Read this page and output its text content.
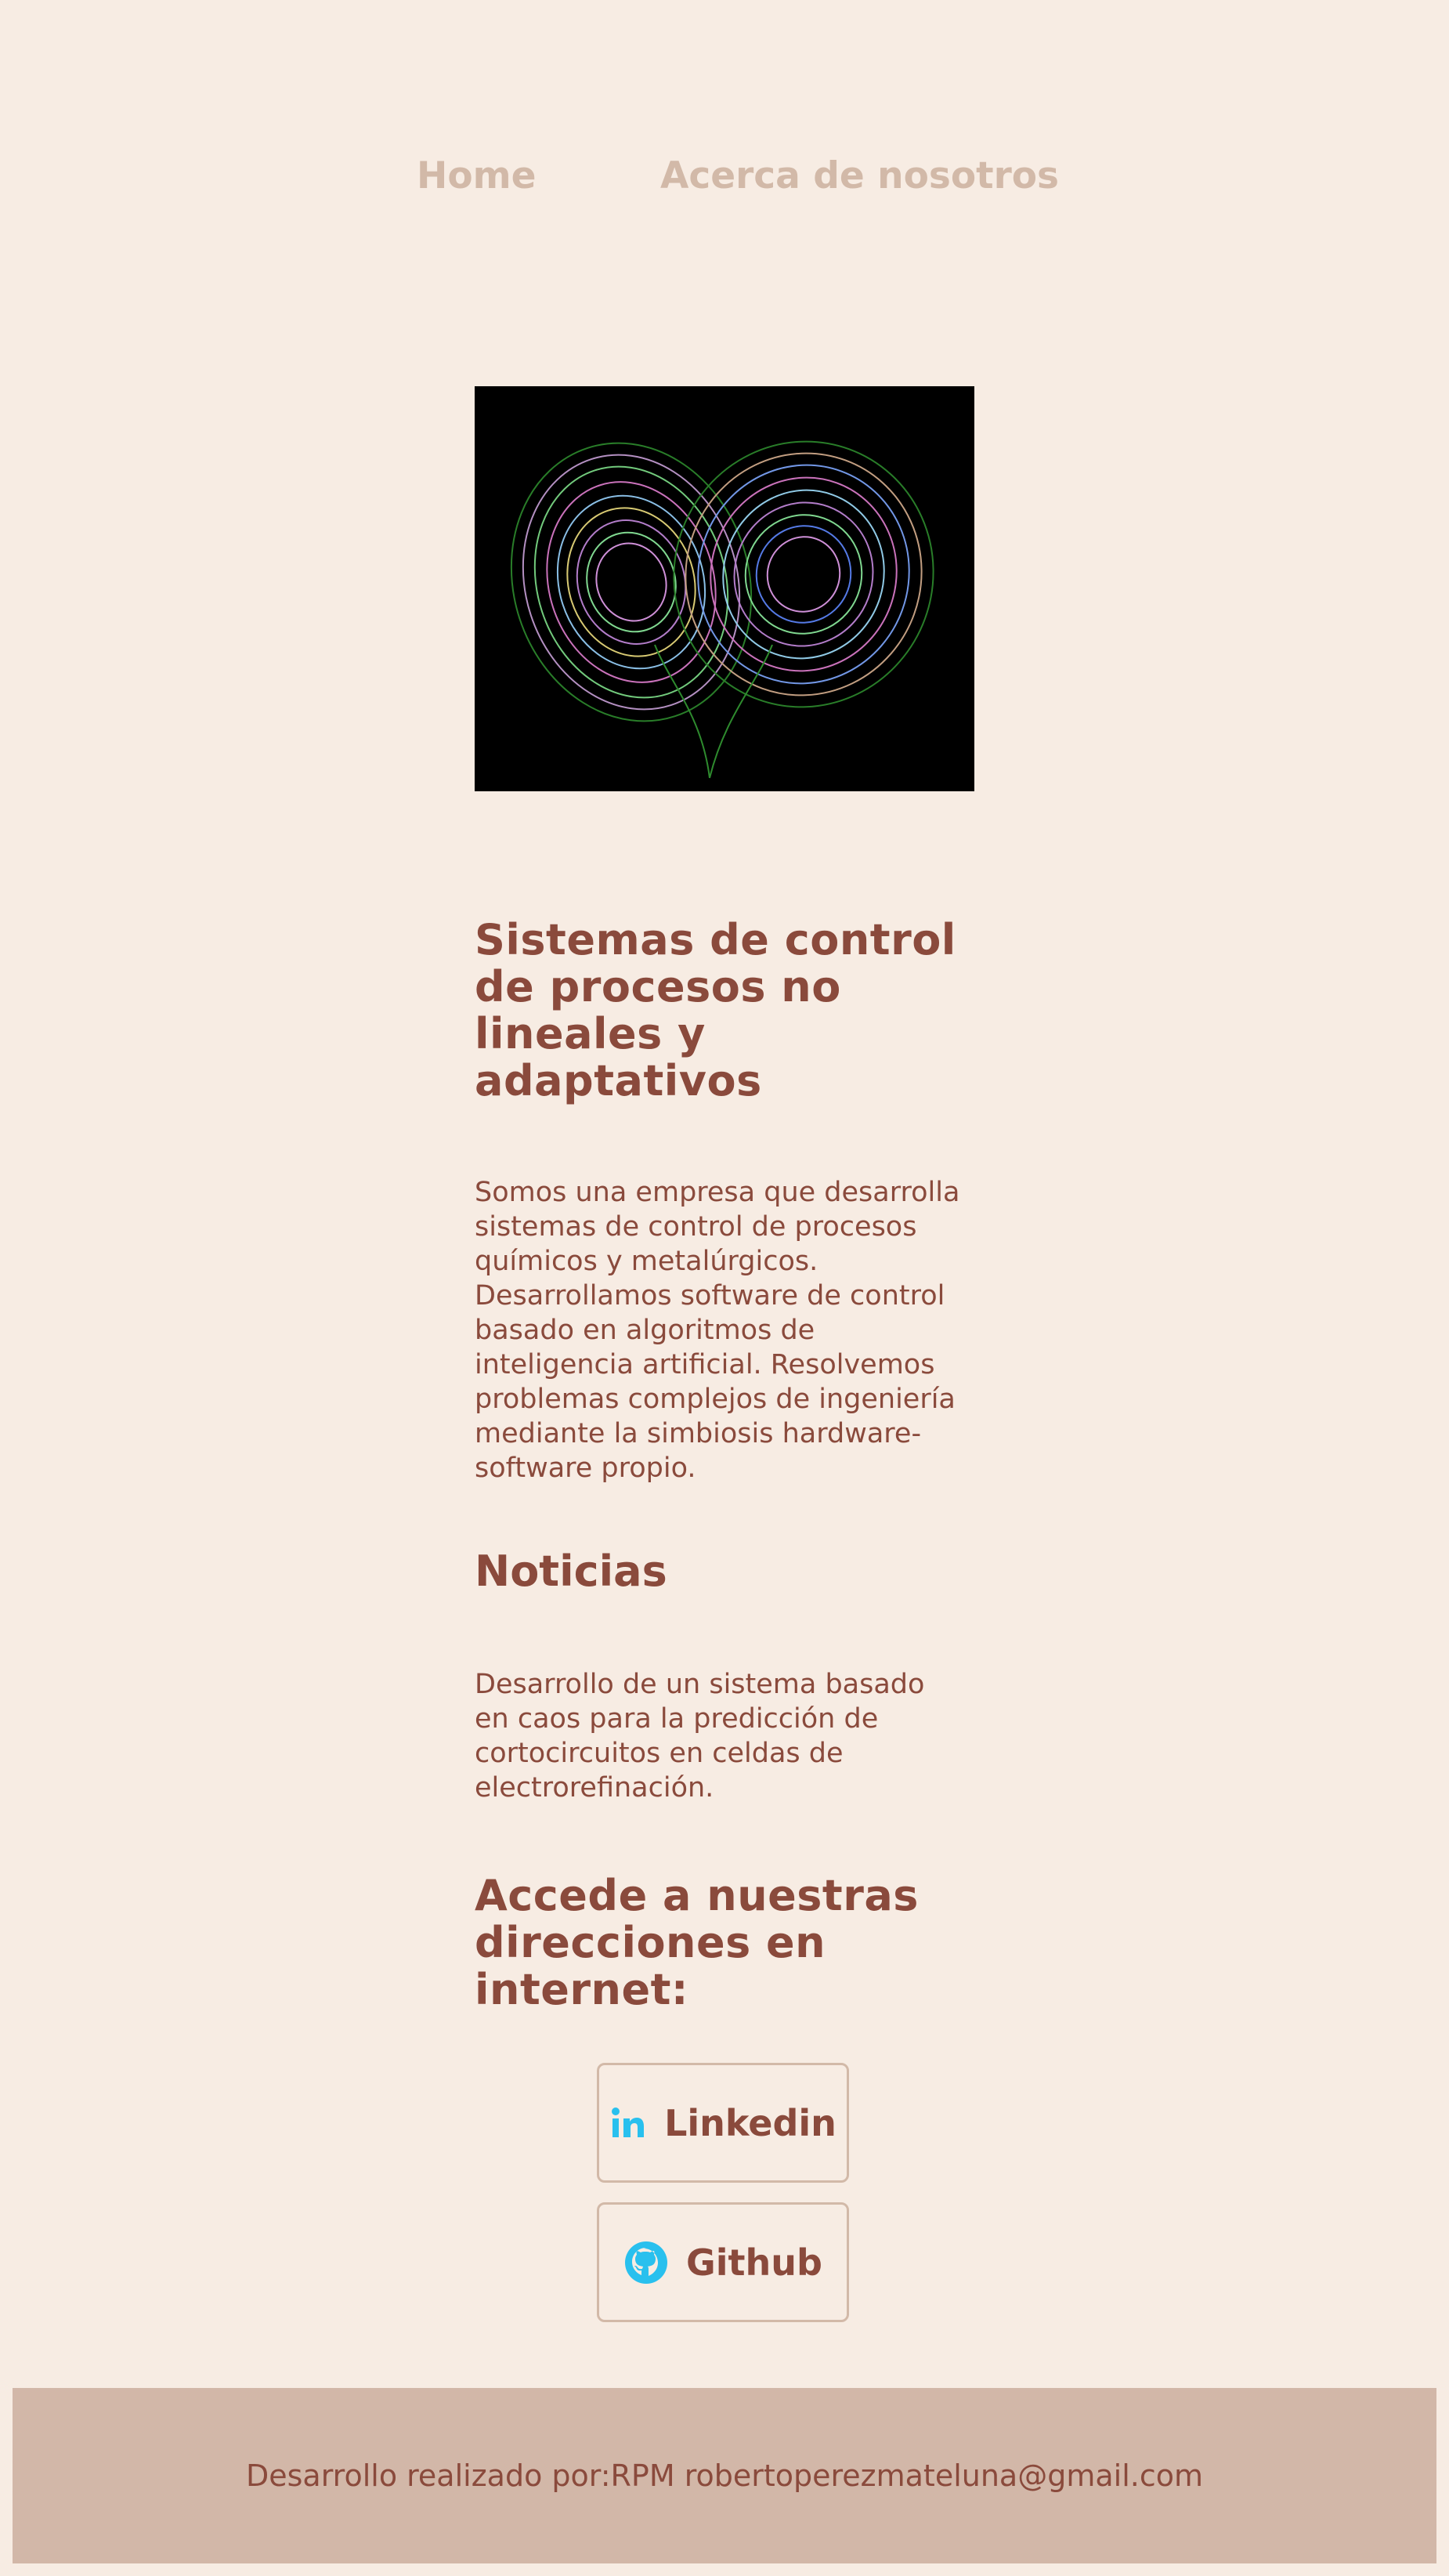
Home	Acerca de nosotros
Sistemas de control de procesos no lineales y adaptativos

Somos una empresa que desarrolla sistemas de control de procesos químicos y metalúrgicos. Desarrollamos software de control basado en algoritmos de inteligencia artificial. Resolvemos problemas complejos de ingeniería mediante la simbiosis hardware-software propio.

Noticias

Desarrollo de un sistema basado en caos para la predicción de cortocircuitos en celdas de electrorefinación.

Accede a nuestras direcciones en internet:
Linkedin
Github
Desarrollo realizado por:RPM robertoperezmateluna@gmail.com
